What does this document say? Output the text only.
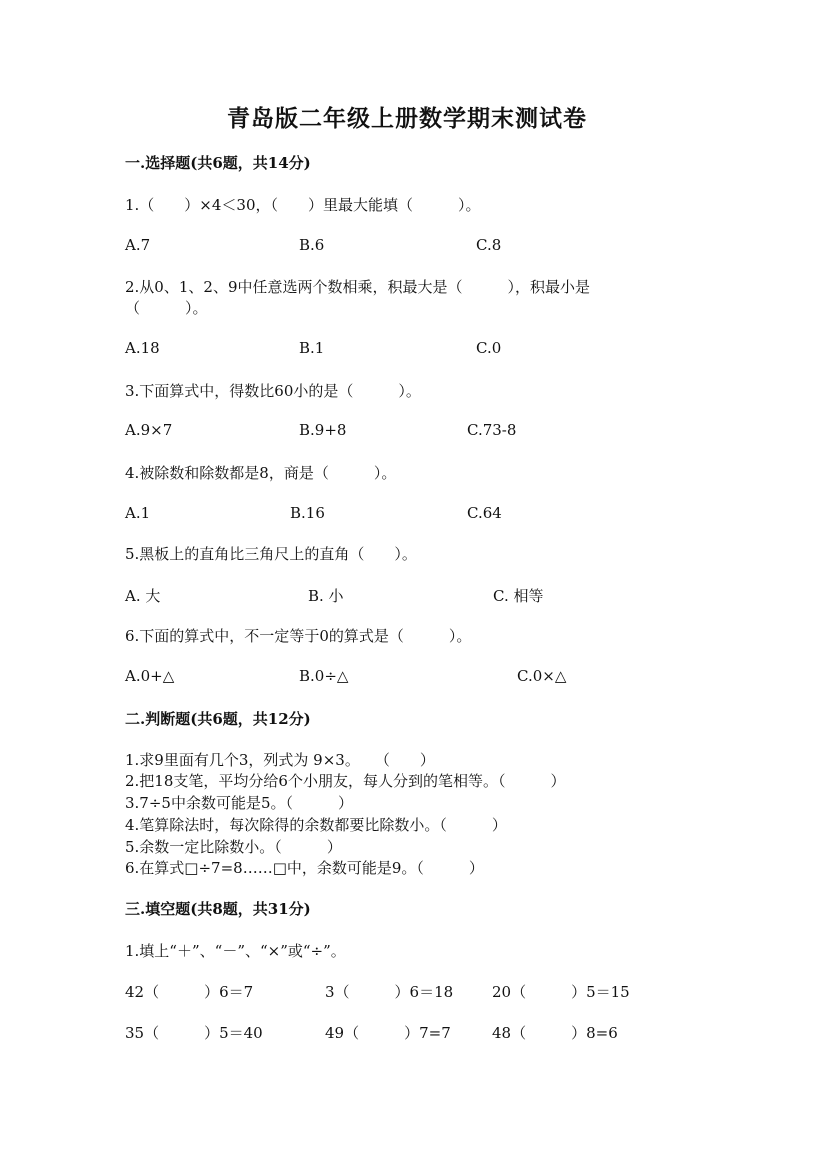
青岛版二年级上册数学期末测试卷
一.选择题(共6题，共14分)
1.（　　）×4＜30，（　　）里最大能填（　　　）。
A.7	B.6	C.8
2.从0、1、2、9中任意选两个数相乘，积最大是（　　　），积最小是
（　　　）。
A.18	B.1	C.0
3.下面算式中，得数比60小的是（　　　）。
A.9×7	B.9+8	C.73-8
4.被除数和除数都是8，商是（　　　）。
A.1	B.16	C.64
5.黑板上的直角比三角尺上的直角（　　）。
A. 大	B. 小	C. 相等
6.下面的算式中，不一定等于0的算式是（　　　）。
A.0+△	B.0÷△	C.0×△
二.判断题(共6题，共12分)
1.求9里面有几个3，列式为 9×3。　　（　　）
2.把18支笔，平均分给6个小朋友，每人分到的笔相等。（　　　）
3.7÷5中余数可能是5。（　　　）
4.笔算除法时，每次除得的余数都要比除数小。（　　　）
5.余数一定比除数小。（　　　）
6.在算式□÷7=8……□中，余数可能是9。（　　　）
三.填空题(共8题，共31分)
1.填上“＋”、“－”、“×”或“÷”。
42（　　　）6＝7	3（　　　）6＝18	20（　　　）5＝15
35（　　　）5＝40	49（　　　）7=7	48（　　　）8=6
